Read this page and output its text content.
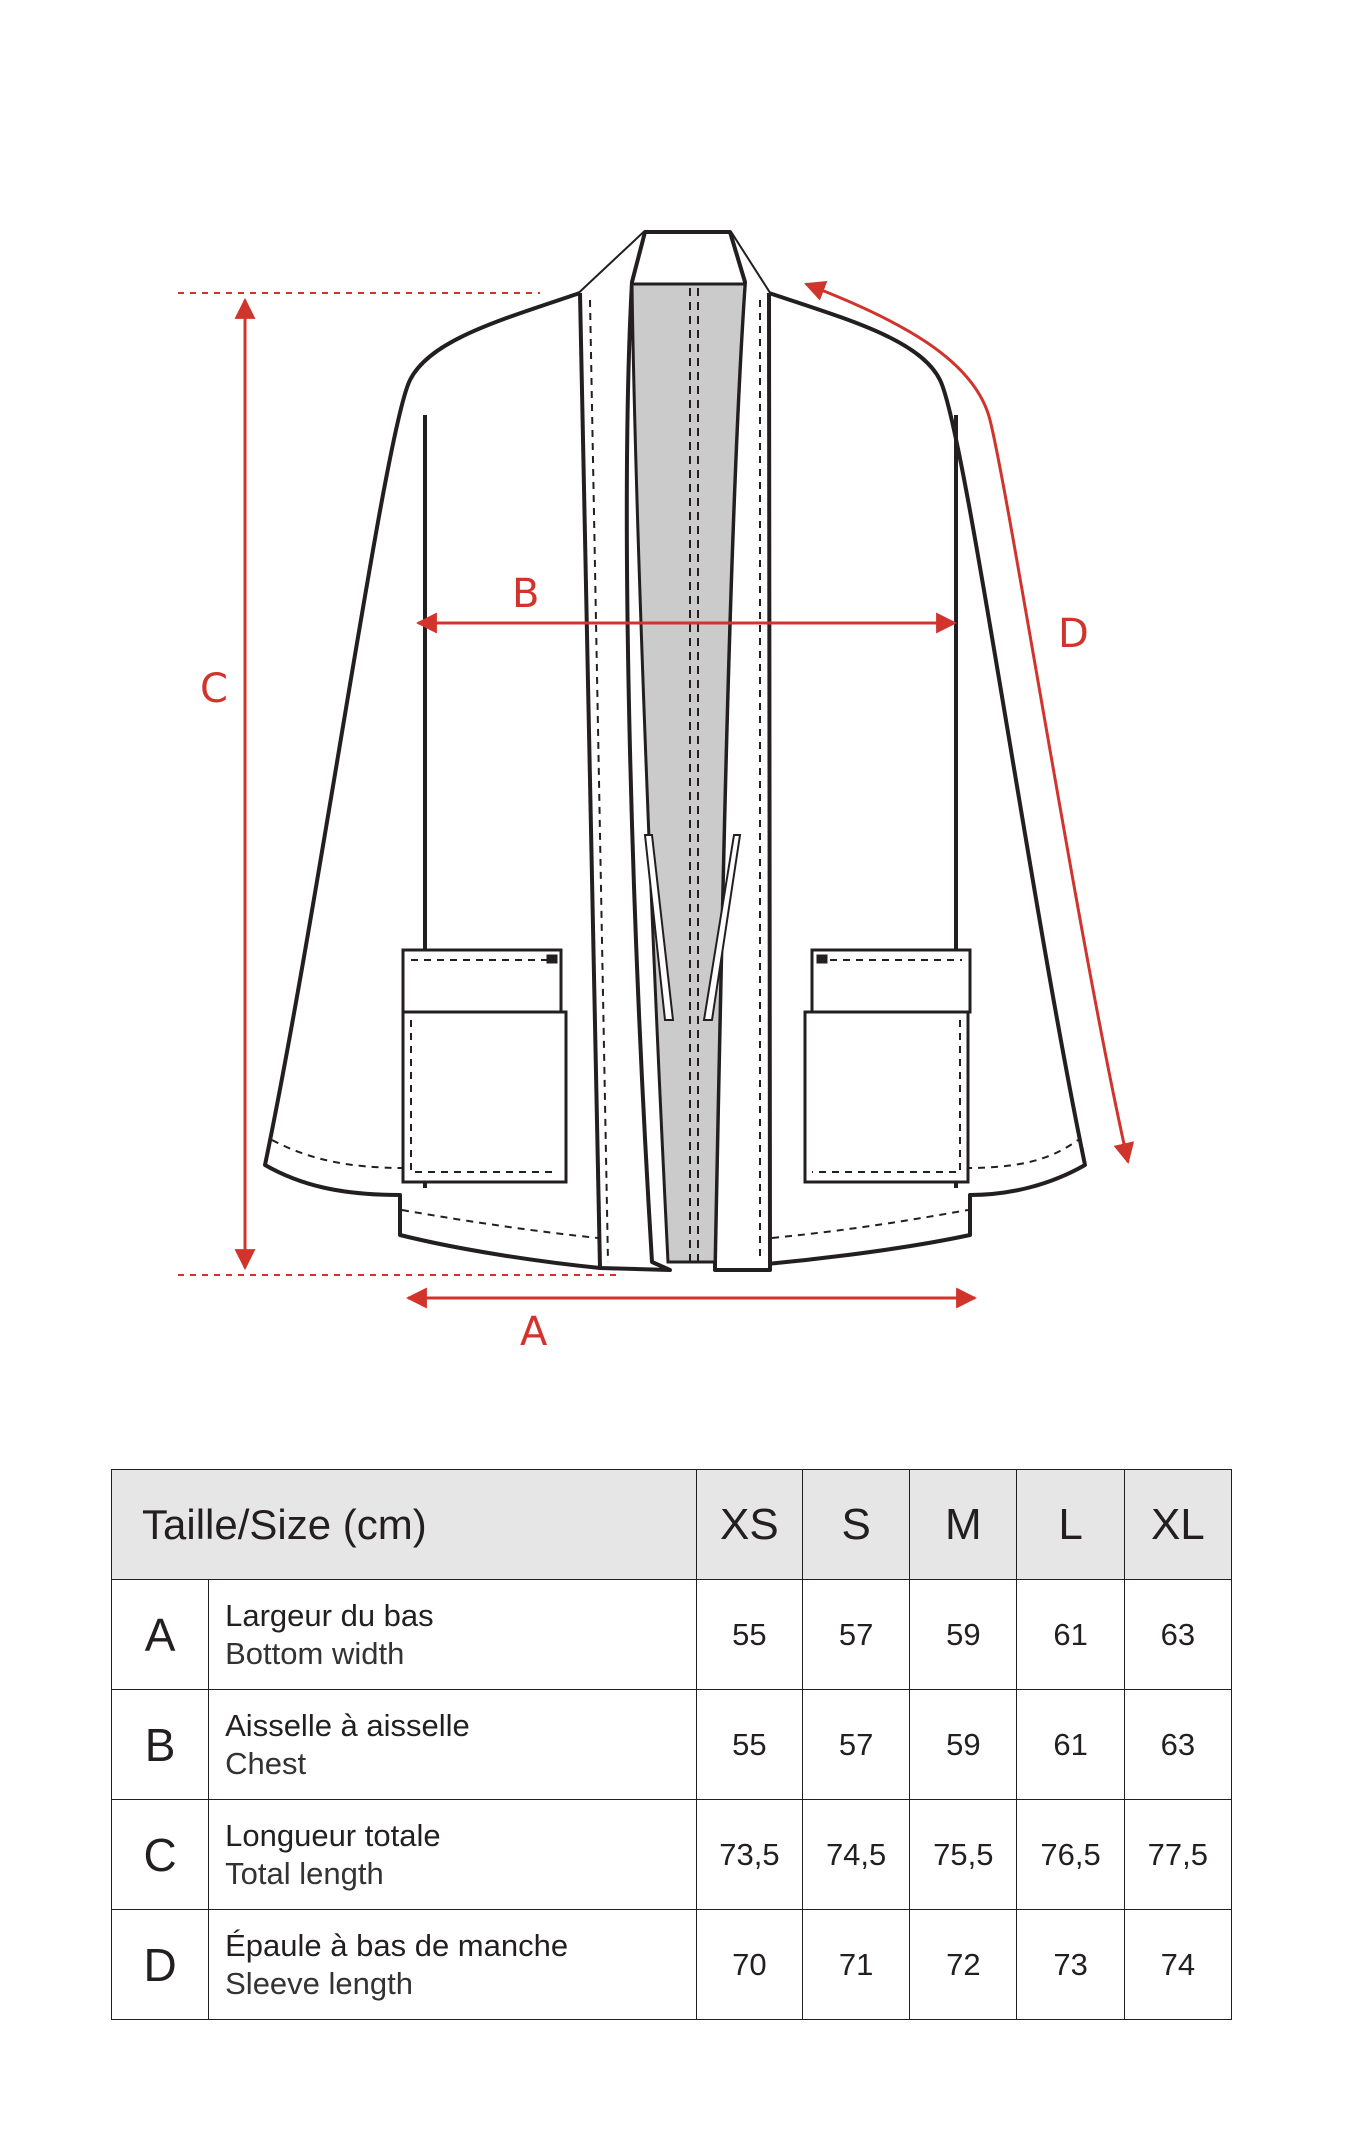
C
B
A
D
Taille/Size (cm)		XS	S	M	L	XL
A	Largeur du bas
Bottom width	55	57	59	61	63
B	Aisselle à aisselle
Chest	55	57	59	61	63
C	Longueur totale
Total length	73,5	74,5	75,5	76,5	77,5
D	Épaule à bas de manche
Sleeve length	70	71	72	73	74
